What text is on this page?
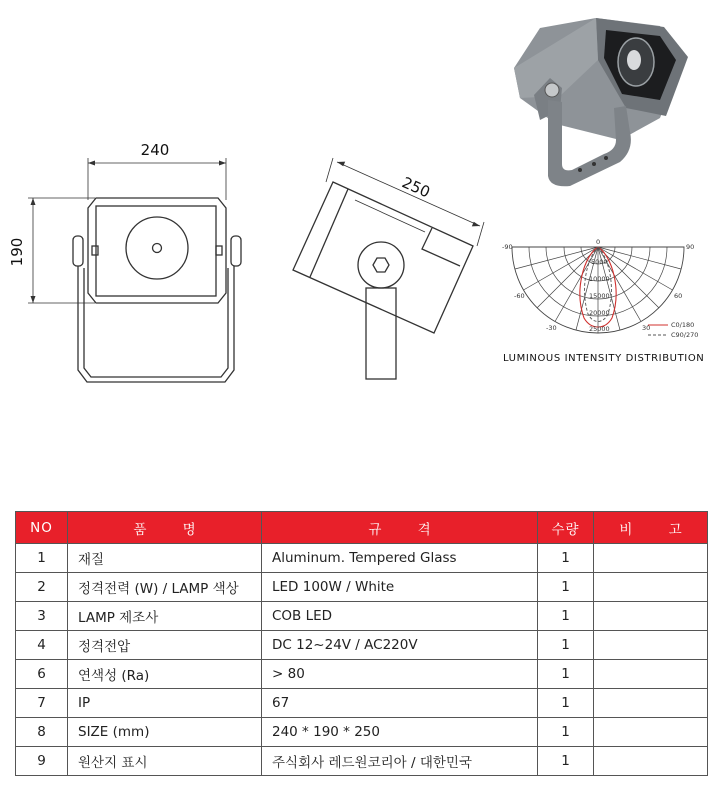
240
190
250
0
-90	90
-60	60
-30	30
5000
10000
15000
20000
25000	C0/180
C90/270
LUMINOUS INTENSITY DISTRIBUTION
NO	품 명	규 격	수량	비 고
1	재질	Aluminum. Tempered Glass	1	
2	정격전력 (W) / LAMP 색상	LED 100W / White	1	
3	LAMP 제조사	COB LED	1	
4	정격전압	DC 12~24V / AC220V	1	
6	연색성 (Ra)	> 80	1	
7	IP	67	1	
8	SIZE (mm)	240 * 190 * 250	1	
9	원산지 표시	주식회사 레드원코리아 / 대한민국	1	
